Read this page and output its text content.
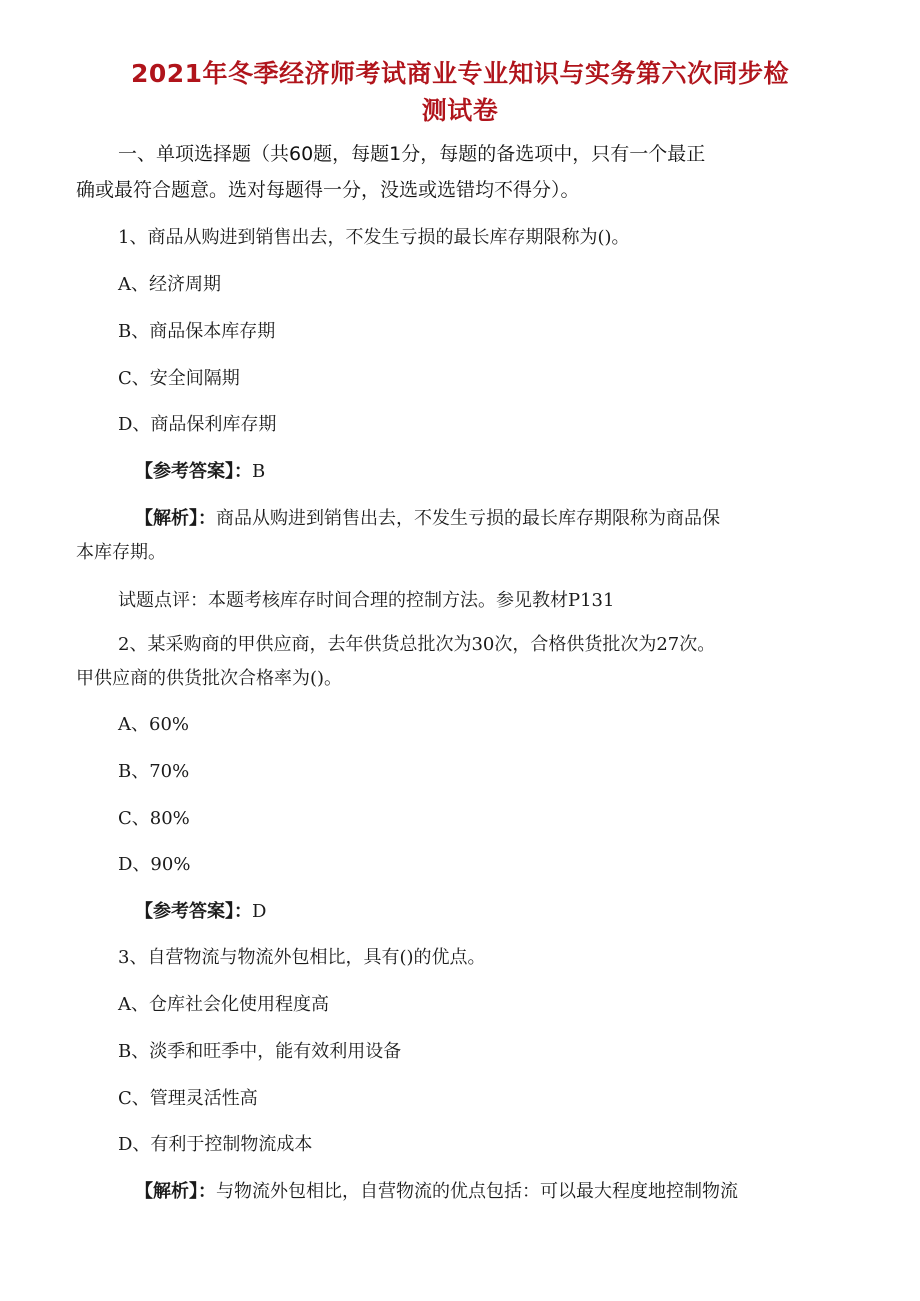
2021年冬季经济师考试商业专业知识与实务第六次同步检
测试卷
一、单项选择题（共60题，每题1分，每题的备选项中，只有一个最正
确或最符合题意。选对每题得一分，没选或选错均不得分）。
1、商品从购进到销售出去，不发生亏损的最长库存期限称为()。
A、经济周期
B、商品保本库存期
C、安全间隔期
D、商品保利库存期
【参考答案】：B
【解析】：商品从购进到销售出去，不发生亏损的最长库存期限称为商品保
本库存期。
试题点评：本题考核库存时间合理的控制方法。参见教材P131
2、某采购商的甲供应商，去年供货总批次为30次，合格供货批次为27次。
甲供应商的供货批次合格率为()。
A、60%
B、70%
C、80%
D、90%
【参考答案】：D
3、自营物流与物流外包相比，具有()的优点。
A、仓库社会化使用程度高
B、淡季和旺季中，能有效利用设备
C、管理灵活性高
D、有利于控制物流成本
【解析】：与物流外包相比，自营物流的优点包括：可以最大程度地控制物流
